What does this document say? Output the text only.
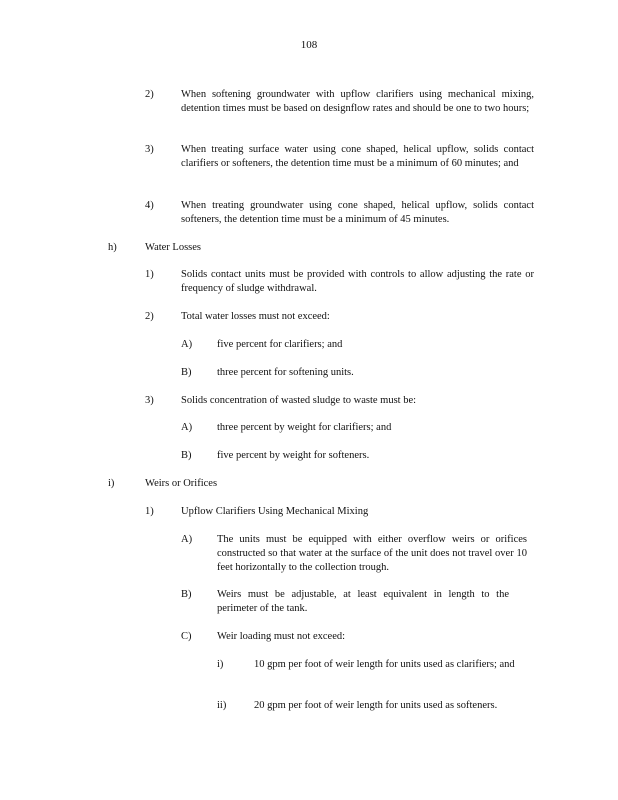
108
2)	When softening groundwater with upflow clarifiers using mechanical mixing, detention times must be based on designflow rates and should be one to two hours;
3)	When treating surface water using cone shaped, helical upflow, solids contact clarifiers or softeners, the detention time must be a minimum of 60 minutes; and
4)	When treating groundwater using cone shaped, helical upflow, solids contact softeners, the detention time must be a minimum of 45 minutes.
h)	Water Losses
1)	Solids contact units must be provided with controls to allow adjusting the rate or frequency of sludge withdrawal.
2)	Total water losses must not exceed:
A) five percent for clarifiers; and
B) three percent for softening units.
3)	Solids concentration of wasted sludge to waste must be:
A) three percent by weight for clarifiers; and
B) five percent by weight for softeners.
i)	Weirs or Orifices
1)	Upflow Clarifiers Using Mechanical Mixing
A) The units must be equipped with either overflow weirs or orifices constructed so that water at the surface of the unit does not travel over 10 feet horizontally to the collection trough.
B) Weirs must be adjustable, at least equivalent in length to the perimeter of the tank.
C) Weir loading must not exceed:
i)	10 gpm per foot of weir length for units used as clarifiers; and
ii)	20 gpm per foot of weir length for units used as softeners.
